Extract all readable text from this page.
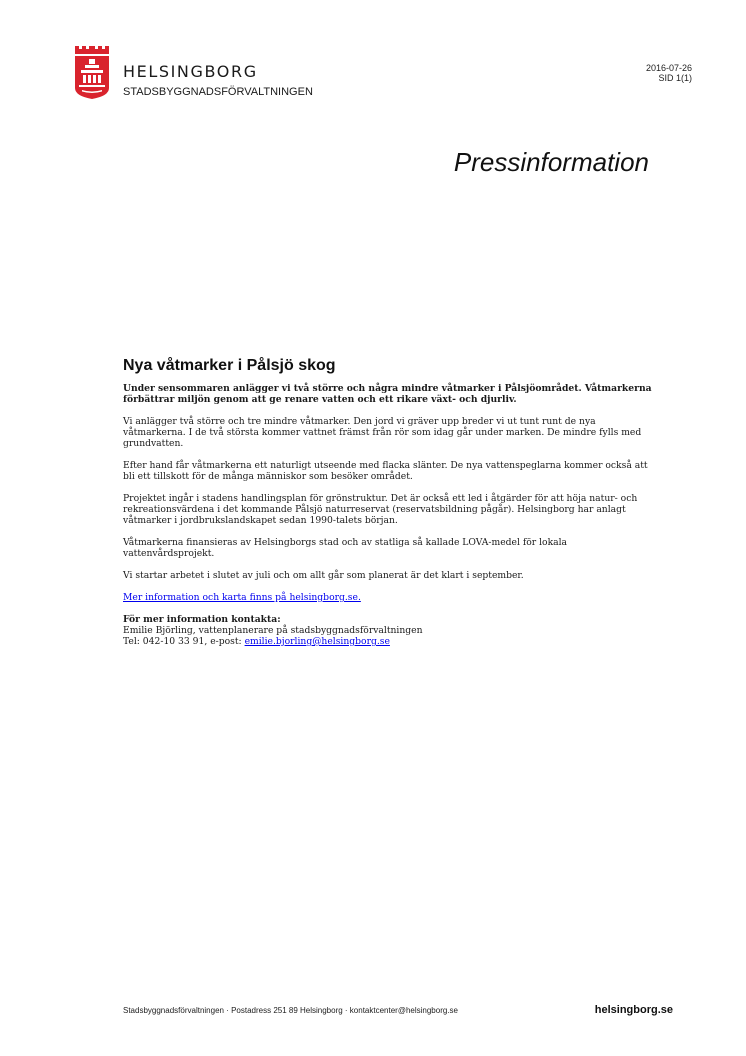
HELSINGBORG
STADSBYGGNADSFÖRVALTNINGEN
2016-07-26
SID 1(1)
Pressinformation
Nya våtmarker i Pålsjö skog

Under sensommaren anlägger vi två större och några mindre våtmarker i Pålsjöområdet. Våtmarkerna förbättrar miljön genom att ge renare vatten och ett rikare växt- och djurliv.

Vi anlägger två större och tre mindre våtmarker. Den jord vi gräver upp breder vi ut tunt runt de nya våtmarkerna. I de två största kommer vattnet främst från rör som idag går under marken. De mindre fylls med grundvatten.

Efter hand får våtmarkerna ett naturligt utseende med flacka slänter. De nya vattenspeglarna kommer också att bli ett tillskott för de många människor som besöker området.

Projektet ingår i stadens handlingsplan för grönstruktur. Det är också ett led i åtgärder för att höja natur- och rekreationsvärdena i det kommande Pålsjö naturreservat (reservatsbildning pågår). Helsingborg har anlagt våtmarker i jordbrukslandskapet sedan 1990-talets början.

Våtmarkerna finansieras av Helsingborgs stad och av statliga så kallade LOVA-medel för lokala vattenvårdsprojekt.

Vi startar arbetet i slutet av juli och om allt går som planerat är det klart i september.

Mer information och karta finns på helsingborg.se.

För mer information kontakta:
Emilie Björling, vattenplanerare på stadsbyggnadsförvaltningen
Tel: 042-10 33 91, e-post: emilie.bjorling@helsingborg.se
Stadsbyggnadsförvaltningen · Postadress 251 89 Helsingborg · kontaktcenter@helsingborg.se	helsingborg.se
